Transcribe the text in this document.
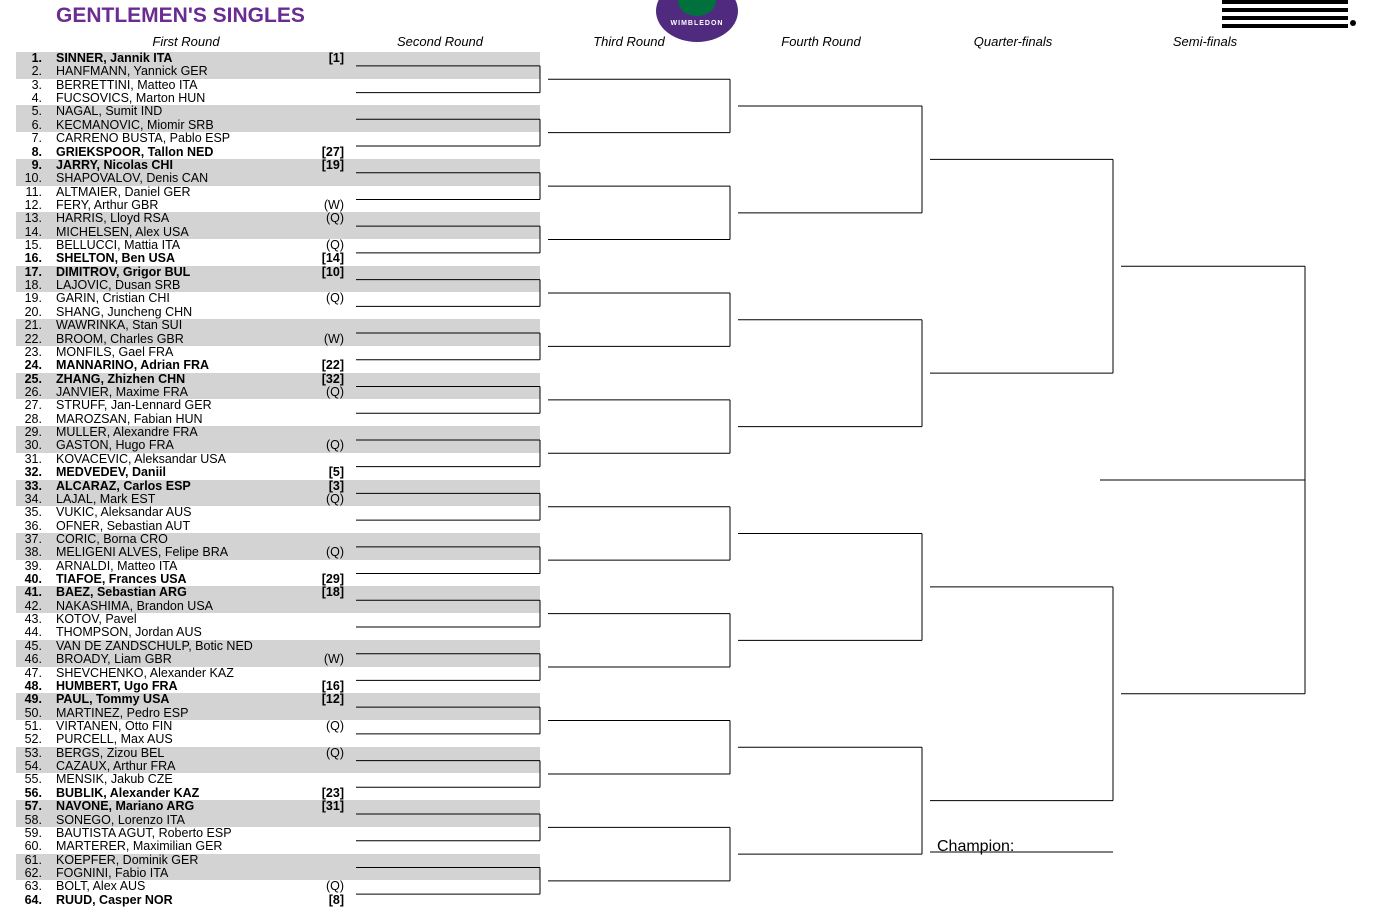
GENTLEMEN'S SINGLES
First Round	Second Round	Third Round	Fourth Round	Quarter-finals	Semi-finals
WIMBLEDON
1. SINNER, Jannik ITA	[1]
2. HANFMANN, Yannick GER
3. BERRETTINI, Matteo ITA
4. FUCSOVICS, Marton HUN
5. NAGAL, Sumit IND
6. KECMANOVIC, Miomir SRB
7. CARRENO BUSTA, Pablo ESP
8. GRIEKSPOOR, Tallon NED	[27]
9. JARRY, Nicolas CHI	[19]
10. SHAPOVALOV, Denis CAN
11. ALTMAIER, Daniel GER
12. FERY, Arthur GBR	(W)
13. HARRIS, Lloyd RSA	(Q)
14. MICHELSEN, Alex USA
15. BELLUCCI, Mattia ITA	(Q)
16. SHELTON, Ben USA	[14]
17. DIMITROV, Grigor BUL	[10]
18. LAJOVIC, Dusan SRB
19. GARIN, Cristian CHI	(Q)
20. SHANG, Juncheng CHN
21. WAWRINKA, Stan SUI
22. BROOM, Charles GBR	(W)
23. MONFILS, Gael FRA
24. MANNARINO, Adrian FRA	[22]
25. ZHANG, Zhizhen CHN	[32]
26. JANVIER, Maxime FRA	(Q)
27. STRUFF, Jan-Lennard GER
28. MAROZSAN, Fabian HUN
29. MULLER, Alexandre FRA
30. GASTON, Hugo FRA	(Q)
31. KOVACEVIC, Aleksandar USA
32. MEDVEDEV, Daniil	[5]
33. ALCARAZ, Carlos ESP	[3]
34. LAJAL, Mark EST	(Q)
35. VUKIC, Aleksandar AUS
36. OFNER, Sebastian AUT
37. CORIC, Borna CRO
38. MELIGENI ALVES, Felipe BRA	(Q)
39. ARNALDI, Matteo ITA
40. TIAFOE, Frances USA	[29]
41. BAEZ, Sebastian ARG	[18]
42. NAKASHIMA, Brandon USA
43. KOTOV, Pavel
44. THOMPSON, Jordan AUS
45. VAN DE ZANDSCHULP, Botic NED
46. BROADY, Liam GBR	(W)
47. SHEVCHENKO, Alexander KAZ
48. HUMBERT, Ugo FRA	[16]
49. PAUL, Tommy USA	[12]
50. MARTINEZ, Pedro ESP
51. VIRTANEN, Otto FIN	(Q)
52. PURCELL, Max AUS
53. BERGS, Zizou BEL	(Q)
54. CAZAUX, Arthur FRA
55. MENSIK, Jakub CZE
56. BUBLIK, Alexander KAZ	[23]
57. NAVONE, Mariano ARG	[31]
58. SONEGO, Lorenzo ITA
59. BAUTISTA AGUT, Roberto ESP
60. MARTERER, Maximilian GER
61. KOEPFER, Dominik GER
62. FOGNINI, Fabio ITA
63. BOLT, Alex AUS	(Q)
64. RUUD, Casper NOR	[8]
Champion:
